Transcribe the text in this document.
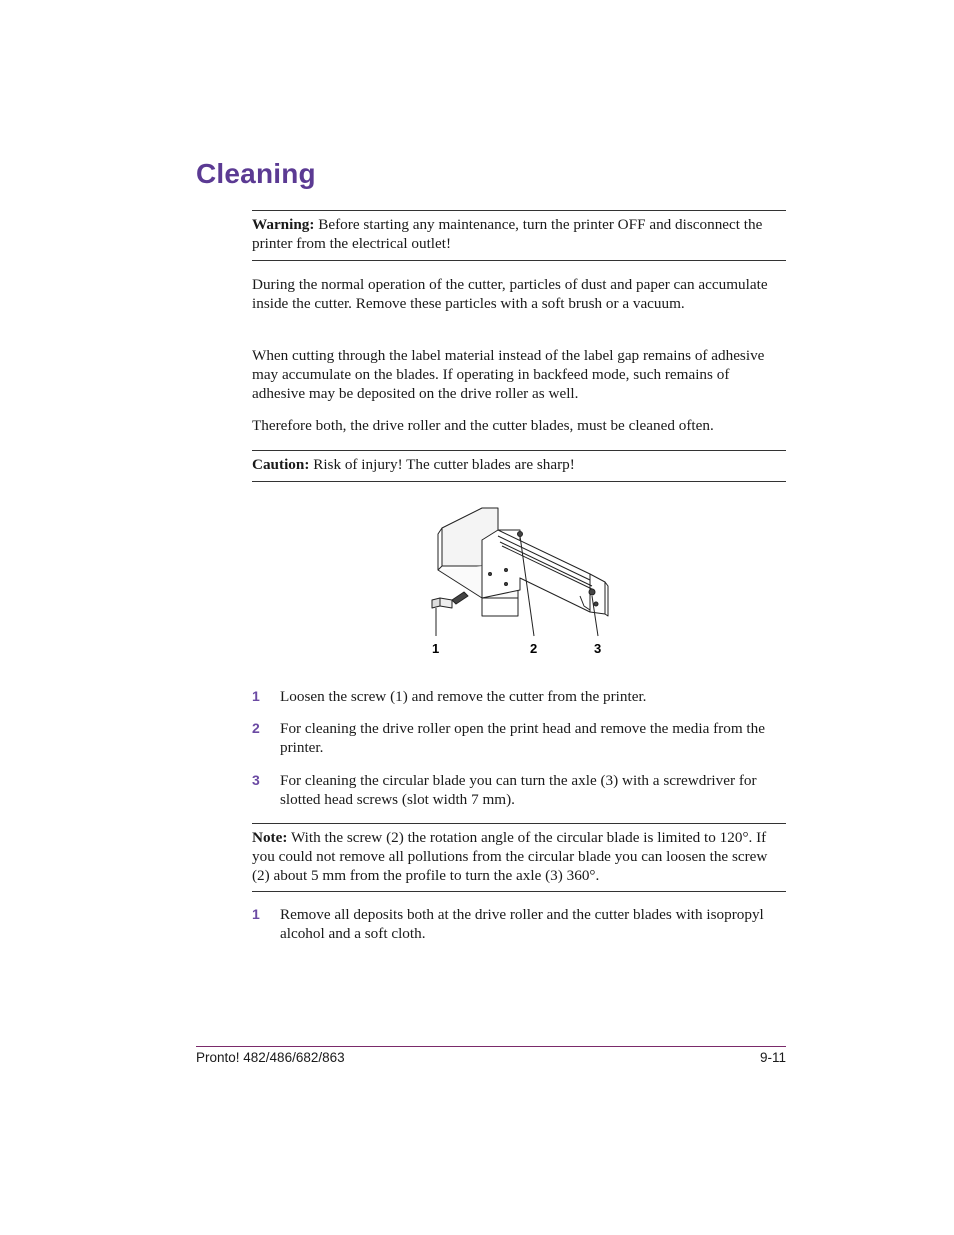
Cleaning

Warning: Before starting any maintenance, turn the printer OFF and disconnect the printer from the electrical outlet!

During the normal operation of the cutter, particles of dust and paper can accumulate inside the cutter. Remove these particles with a soft brush or a vacuum.

When cutting through the label material instead of the label gap remains of adhesive may accumulate on the blades. If operating in backfeed mode, such remains of adhesive may be deposited on the drive roller as well.

Therefore both, the drive roller and the cutter blades, must be cleaned often.

Caution: Risk of injury! The cutter blades are sharp!

1	2	3
1 Loosen the screw (1) and remove the cutter from the printer.
2 For cleaning the drive roller open the print head and remove the media from the printer.
3 For cleaning the circular blade you can turn the axle (3) with a screwdriver for slotted head screws (slot width 7 mm).

Note: With the screw (2) the rotation angle of the circular blade is limited to 120°. If you could not remove all pollutions from the circular blade you can loosen the screw (2) about 5 mm from the profile to turn the axle (3) 360°.

1 Remove all deposits both at the drive roller and the cutter blades with isopropyl alcohol and a soft cloth.
Pronto! 482/486/682/863	9-11
